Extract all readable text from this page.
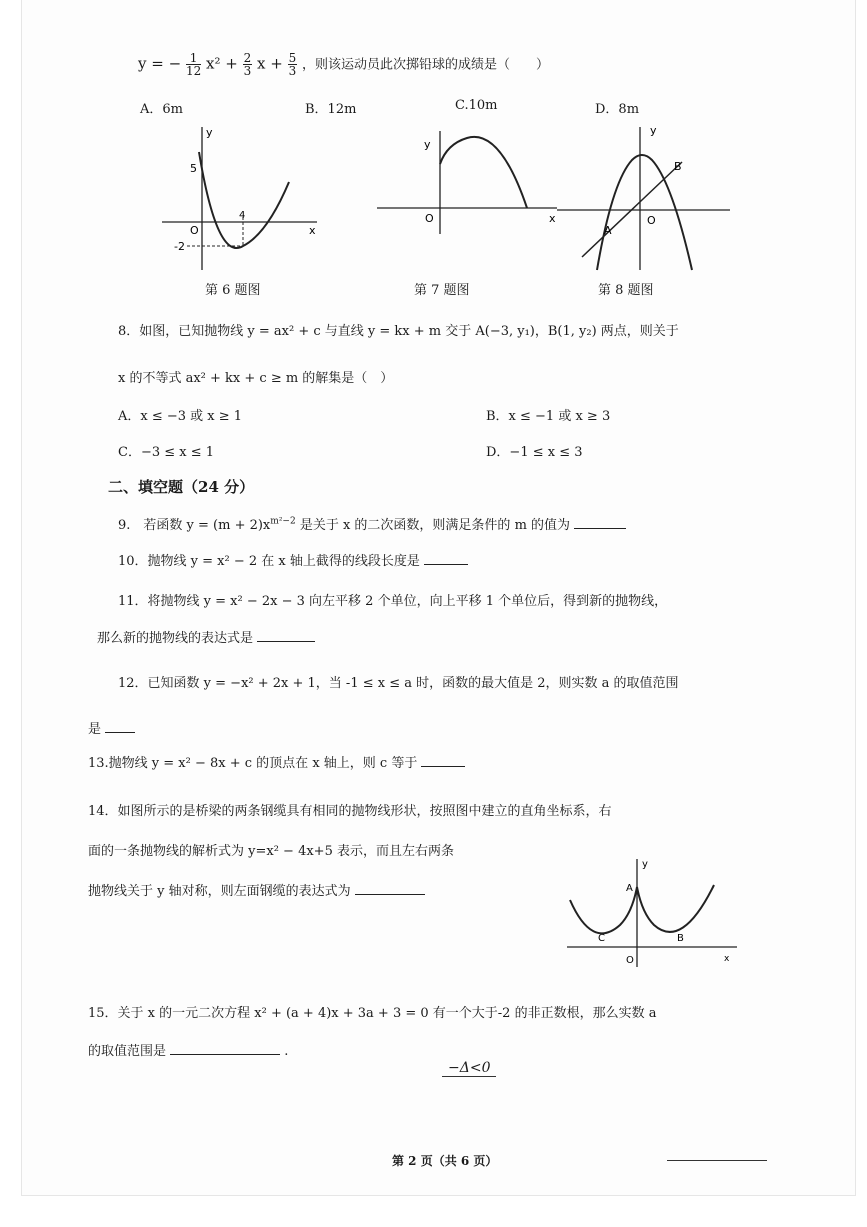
y = − $\frac{1}{12} x^2 + \frac{2}{3}$ $x + \frac{5}{3}$ ，则该运动员此次掷铅球的成绩是（　　）
A．6m	B．12m	C.10m	D．8m
y
x
O
5
-2
4
第 6 题图
y
x
O
第 7 题图
y
O
A
B
第 8 题图
8．如图，已知抛物线 y = ax² + c 与直线 y = kx + m 交于 A(−3, y₁)，B(1, y₂) 两点，则关于
x 的不等式 ax² + kx + c ≥ m 的解集是（　）
A．x ≤ −3 或 x ≥ 1	B．x ≤ −1 或 x ≥ 3
C．−3 ≤ x ≤ 1	D．−1 ≤ x ≤ 3
二、填空题（24 分）
9.　若函数 $y = (m + 2)x^{m^2-2}$ 是关于 x 的二次函数，则满足条件的 m 的值为
10．抛物线 y = x² − 2 在 x 轴上截得的线段长度是
11．将抛物线 y = x² − 2x − 3 向左平移 2 个单位，向上平移 1 个单位后，得到新的抛物线，
那么新的抛物线的表达式是
12．已知函数 y = −x² + 2x + 1，当 -1 ≤ x ≤ a 时，函数的最大值是 2，则实数 a 的取值范围
是
13.抛物线 y = x² − 8x + c 的顶点在 x 轴上，则 c 等于
14．如图所示的是桥梁的两条钢缆具有相同的抛物线形状，按照图中建立的直角坐标系，右
面的一条抛物线的解析式为 y=x² − 4x+5 表示，而且左右两条
抛物线关于 y 轴对称，则左面钢缆的表达式为
y
x
O
A
B
C
15．关于 x 的一元二次方程 x² + (a + 4)x + 3a + 3 = 0 有一个大于-2 的非正数根，那么实数 a
的取值范围是	.
−Δ<0
第 2 页（共 6 页）
